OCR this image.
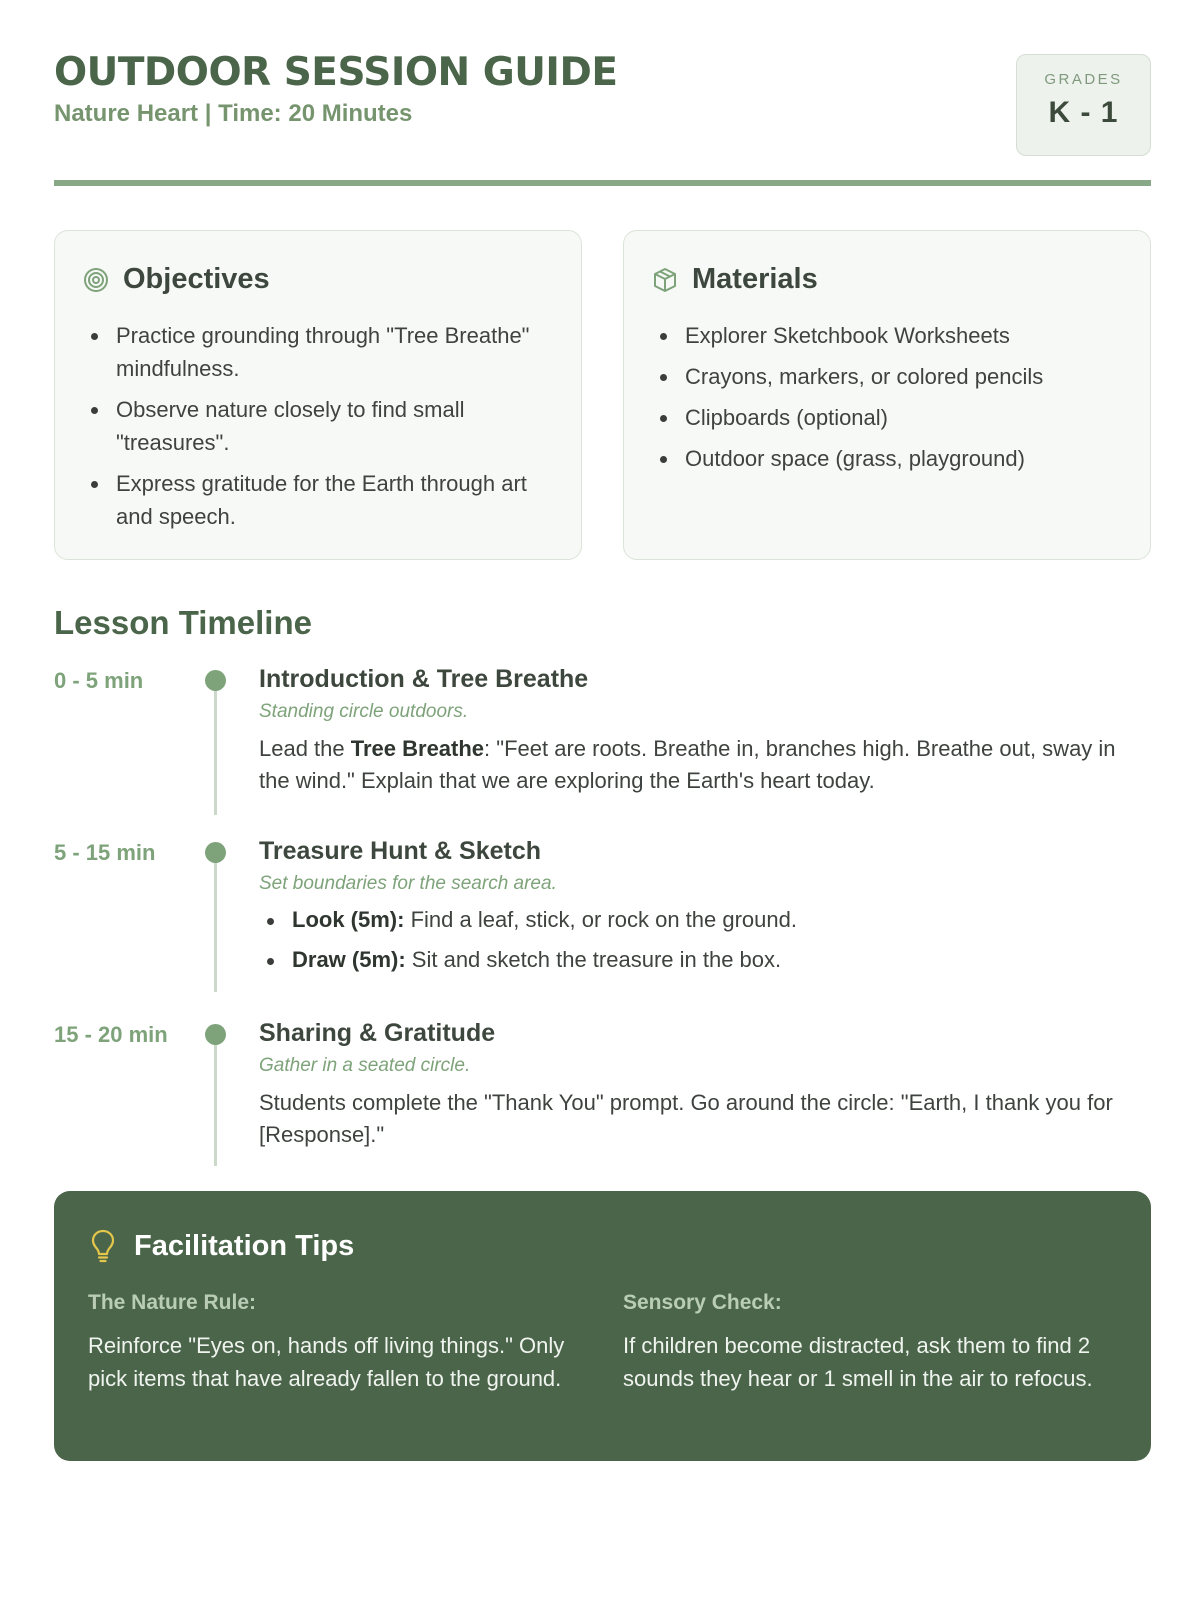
OUTDOOR SESSION GUIDE
Nature Heart | Time: 20 Minutes
GRADES
K - 1
Objectives
Practice grounding through "Tree Breathe" mindfulness.
Observe nature closely to find small "treasures".
Express gratitude for the Earth through art and speech.
Materials
Explorer Sketchbook Worksheets
Crayons, markers, or colored pencils
Clipboards (optional)
Outdoor space (grass, playground)
Lesson Timeline
0 - 5 min	Introduction & Tree Breathe
Standing circle outdoors.
Lead the Tree Breathe: "Feet are roots. Breathe in, branches high. Breathe out, sway in the wind." Explain that we are exploring the Earth's heart today.
5 - 15 min	Treasure Hunt & Sketch
Set boundaries for the search area.
Look (5m): Find a leaf, stick, or rock on the ground.
Draw (5m): Sit and sketch the treasure in the box.
15 - 20 min	Sharing & Gratitude
Gather in a seated circle.
Students complete the "Thank You" prompt. Go around the circle: "Earth, I thank you for [Response]."
Facilitation Tips
The Nature Rule:
Reinforce "Eyes on, hands off living things." Only pick items that have already fallen to the ground.
Sensory Check:
If children become distracted, ask them to find 2 sounds they hear or 1 smell in the air to refocus.
